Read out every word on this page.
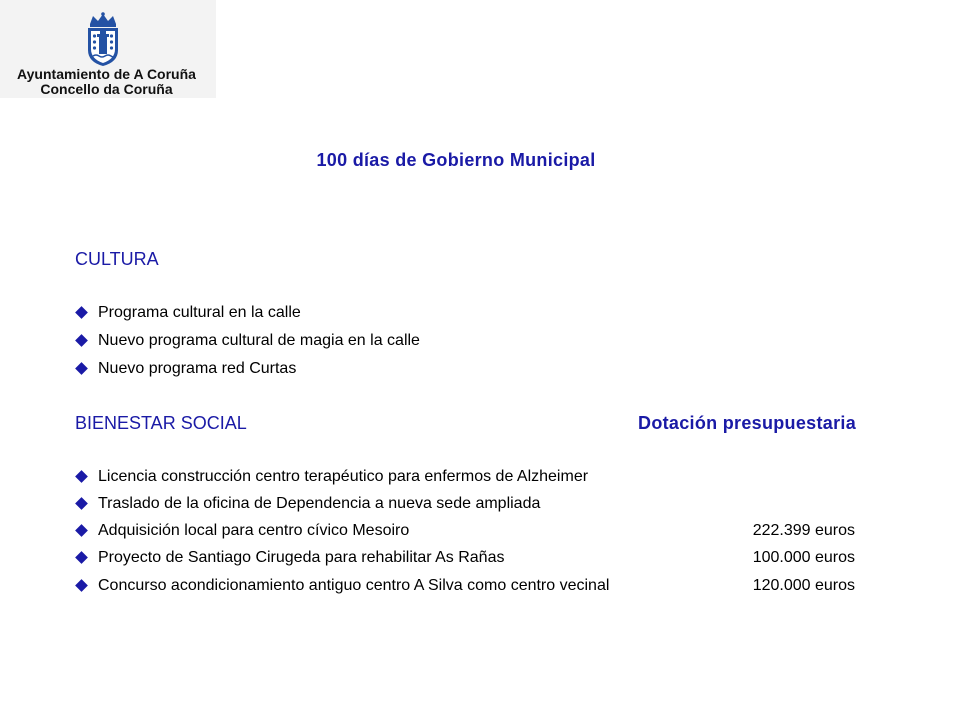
Ayuntamiento de A Coruña
Concello da Coruña
100 días de Gobierno Municipal
CULTURA
Programa cultural en la calle
Nuevo programa cultural de magia en la calle
Nuevo programa red Curtas
BIENESTAR SOCIAL	Dotación presupuestaria
Licencia construcción centro terapéutico para enfermos de Alzheimer
Traslado de la oficina de Dependencia a nueva sede ampliada
Adquisición local para centro cívico Mesoiro	222.399 euros
Proyecto de Santiago Cirugeda para rehabilitar As Rañas	100.000 euros
Concurso acondicionamiento antiguo centro A Silva como centro vecinal	120.000 euros
